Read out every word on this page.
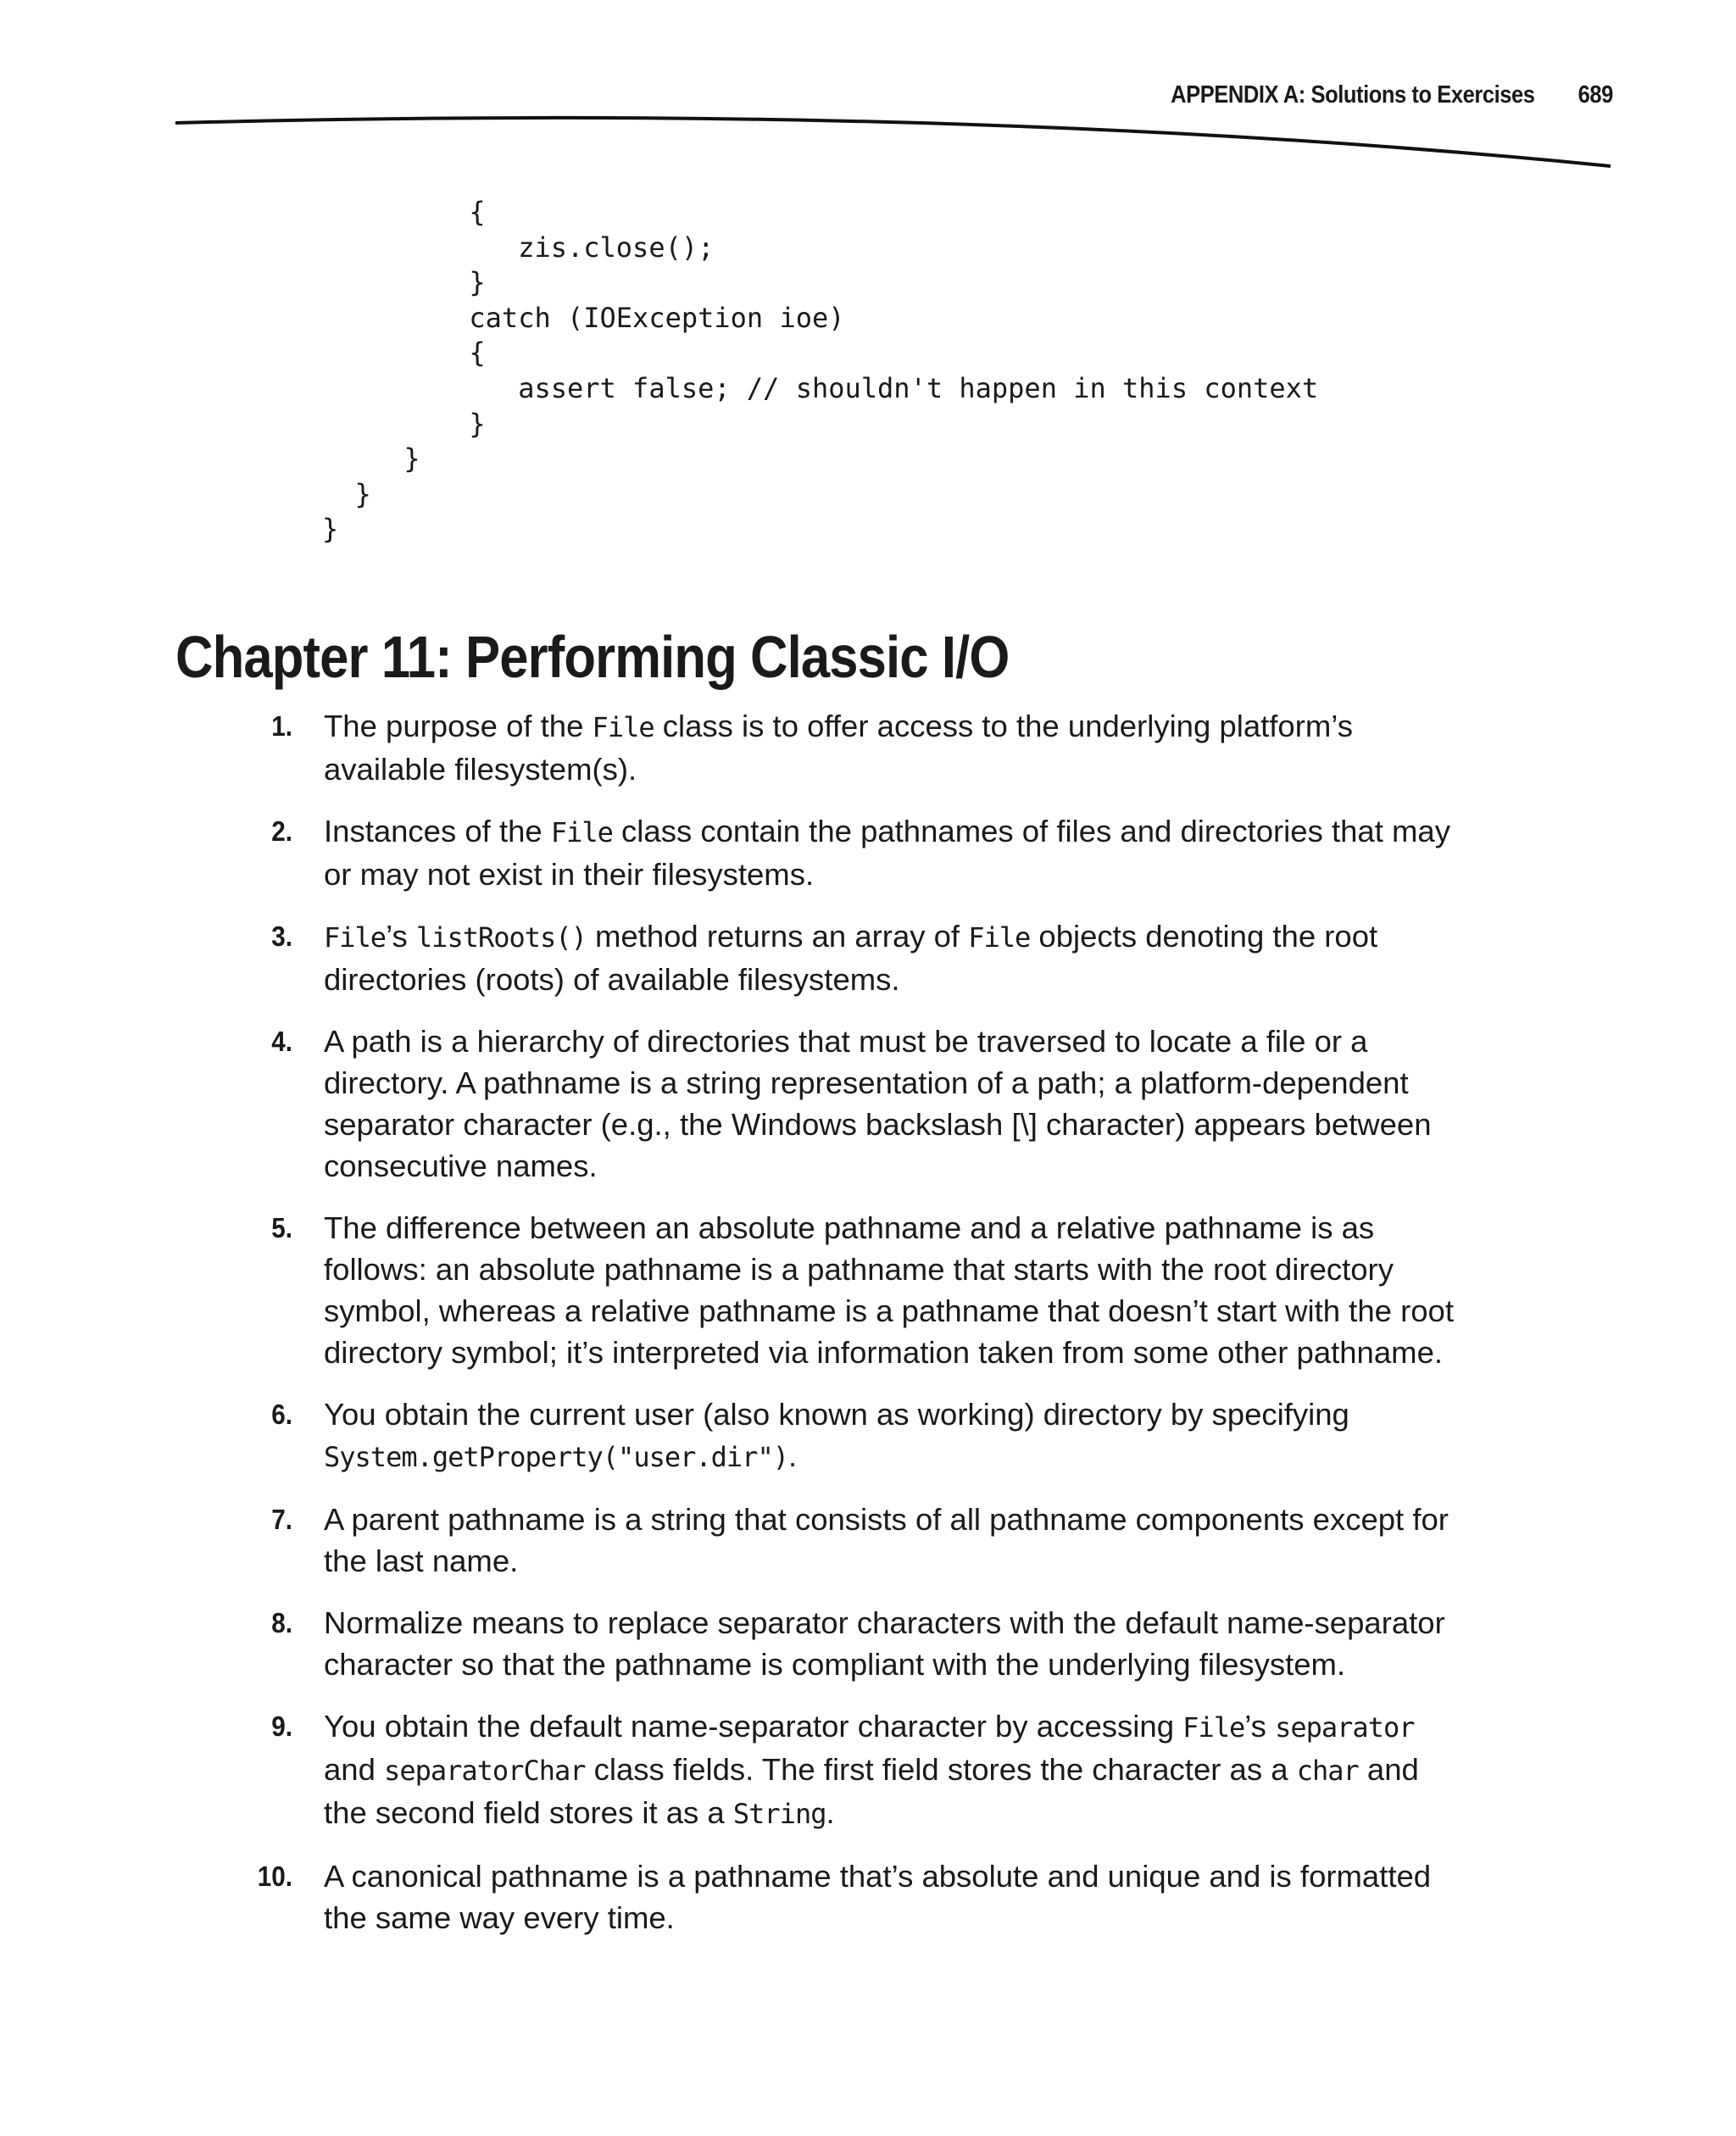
APPENDIX A: Solutions to Exercises 689
{
zis.close();
}
catch (IOException ioe)
{
assert false; // shouldn't happen in this context
}
}
}
}
Chapter 11: Performing Classic I/O
1. The purpose of the File class is to offer access to the underlying platform’s available filesystem(s).
2. Instances of the File class contain the pathnames of files and directories that may or may not exist in their filesystems.
3. File’s listRoots() method returns an array of File objects denoting the root directories (roots) of available filesystems.
4. A path is a hierarchy of directories that must be traversed to locate a file or a directory. A pathname is a string representation of a path; a platform-dependent separator character (e.g., the Windows backslash [\] character) appears between consecutive names.
5. The difference between an absolute pathname and a relative pathname is as follows: an absolute pathname is a pathname that starts with the root directory symbol, whereas a relative pathname is a pathname that doesn’t start with the root directory symbol; it’s interpreted via information taken from some other pathname.
6. You obtain the current user (also known as working) directory by specifying System.getProperty("user.dir").
7. A parent pathname is a string that consists of all pathname components except for the last name.
8. Normalize means to replace separator characters with the default name-separator character so that the pathname is compliant with the underlying filesystem.
9. You obtain the default name-separator character by accessing File’s separator and separatorChar class fields. The first field stores the character as a char and the second field stores it as a String.
10. A canonical pathname is a pathname that’s absolute and unique and is formatted the same way every time.
